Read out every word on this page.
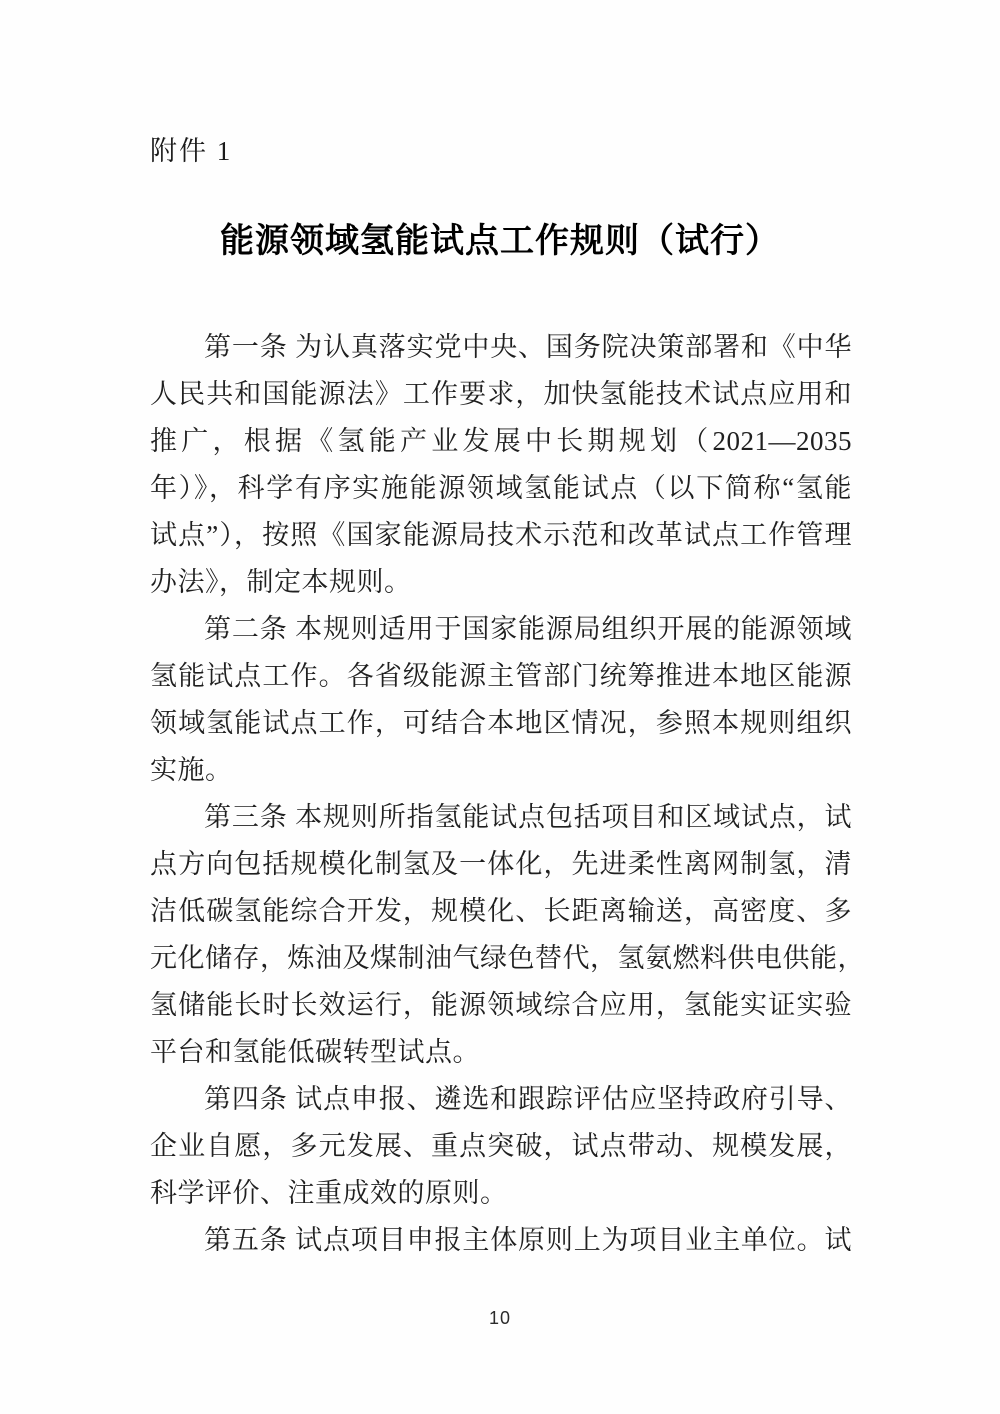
附件 1
能源领域氢能试点工作规则（试行）
第一条 为认真落实党中央、国务院决策部署和《中华
人民共和国能源法》工作要求，加快氢能技术试点应用和
推广，根据《氢能产业发展中长期规划（2021—2035
年）》，科学有序实施能源领域氢能试点（以下简称“氢能
试点”），按照《国家能源局技术示范和改革试点工作管理
办法》，制定本规则。
第二条 本规则适用于国家能源局组织开展的能源领域
氢能试点工作。各省级能源主管部门统筹推进本地区能源
领域氢能试点工作，可结合本地区情况，参照本规则组织
实施。
第三条 本规则所指氢能试点包括项目和区域试点，试
点方向包括规模化制氢及一体化，先进柔性离网制氢，清
洁低碳氢能综合开发，规模化、长距离输送，高密度、多
元化储存，炼油及煤制油气绿色替代，氢氨燃料供电供能，
氢储能长时长效运行，能源领域综合应用，氢能实证实验
平台和氢能低碳转型试点。
第四条 试点申报、遴选和跟踪评估应坚持政府引导、
企业自愿，多元发展、重点突破，试点带动、规模发展，
科学评价、注重成效的原则。
第五条 试点项目申报主体原则上为项目业主单位。试
10
